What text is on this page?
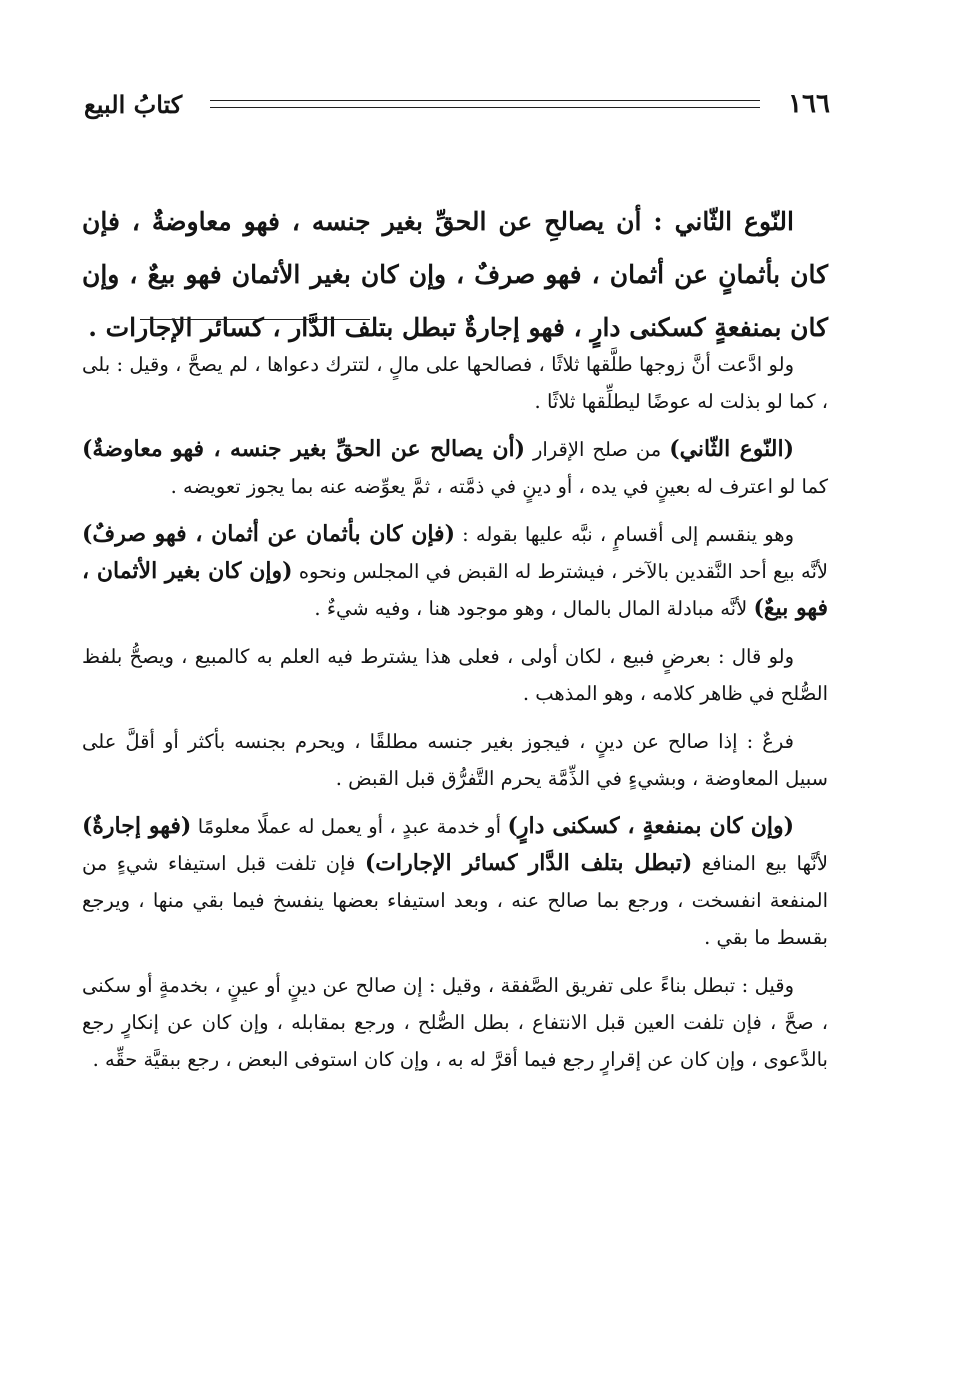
١٦٦
كتابُ البيع

النّوع الثّاني : أن يصالحِ عن الحقِّ بغير جنسه ، فهو معاوضةٌ ، فإن كان بأثمانٍ عن أثمان ، فهو صرفٌ ، وإن كان بغير الأثمان فهو بيعٌ ، وإن كان بمنفعةٍ كسكنى دارٍ ، فهو إجارةٌ تبطل بتلف الدَّار ، كسائر الإجارات .

ولو ادَّعت أنَّ زوجها طلَّقها ثلاثًا ، فصالحها على مالٍ ، لتترك دعواها ، لم يصحَّ ، وقيل : بلى ، كما لو بذلت له عوضًا ليطلِّقها ثلاثًا .

(النّوع الثّاني) من صلح الإقرار (أن يصالح عن الحقِّ بغير جنسه ، فهو معاوضةٌ) كما لو اعترف له بعينٍ في يده ، أو دينٍ في ذمَّته ، ثمَّ يعوِّضه عنه بما يجوز تعويضه .

وهو ينقسم إلى أقسامٍ ، نبَّه عليها بقوله : (فإن كان بأثمان عن أثمان ، فهو صرفٌ) لأنَّه بيع أحد النَّقدين بالآخر ، فيشترط له القبض في المجلس ونحوه (وإن كان بغير الأثمان ، فهو بيعٌ) لأنَّه مبادلة المال بالمال ، وهو موجود هنا ، وفيه شيءٌ .

ولو قال : بعرضٍ فبيع ، لكان أولى ، فعلى هذا يشترط فيه العلم به كالمبيع ، ويصحُّ بلفظ الصُّلح في ظاهر كلامه ، وهو المذهب .

فرعٌ : إذا صالح عن دينٍ ، فيجوز بغير جنسه مطلقًا ، ويحرم بجنسه بأكثر أو أقلَّ على سبيل المعاوضة ، وبشيءٍ في الذِّمَّة يحرم التَّفرُّق قبل القبض .

(وإن كان بمنفعةٍ ، كسكنى دارٍ) أو خدمة عبدٍ ، أو يعمل له عملًا معلومًا (فهو إجارةٌ) لأنَّها بيع المنافع (تبطل بتلف الدَّار كسائر الإجارات) فإن تلفت قبل استيفاء شيءٍ من المنفعة انفسخت ، ورجع بما صالح عنه ، وبعد استيفاء بعضها ينفسخ فيما بقي منها ، ويرجع بقسط ما بقي .

وقيل : تبطل بناءً على تفريق الصَّفقة ، وقيل : إن صالح عن دينٍ أو عينٍ ، بخدمةٍ أو سكنى ، صحَّ ، فإن تلفت العين قبل الانتفاع ، بطل الصُّلح ، ورجع بمقابله ، وإن كان عن إنكارٍ رجع بالدَّعوى ، وإن كان عن إقرارٍ رجع فيما أقرَّ له به ، وإن كان استوفى البعض ، رجع ببقيَّة حقِّه .
